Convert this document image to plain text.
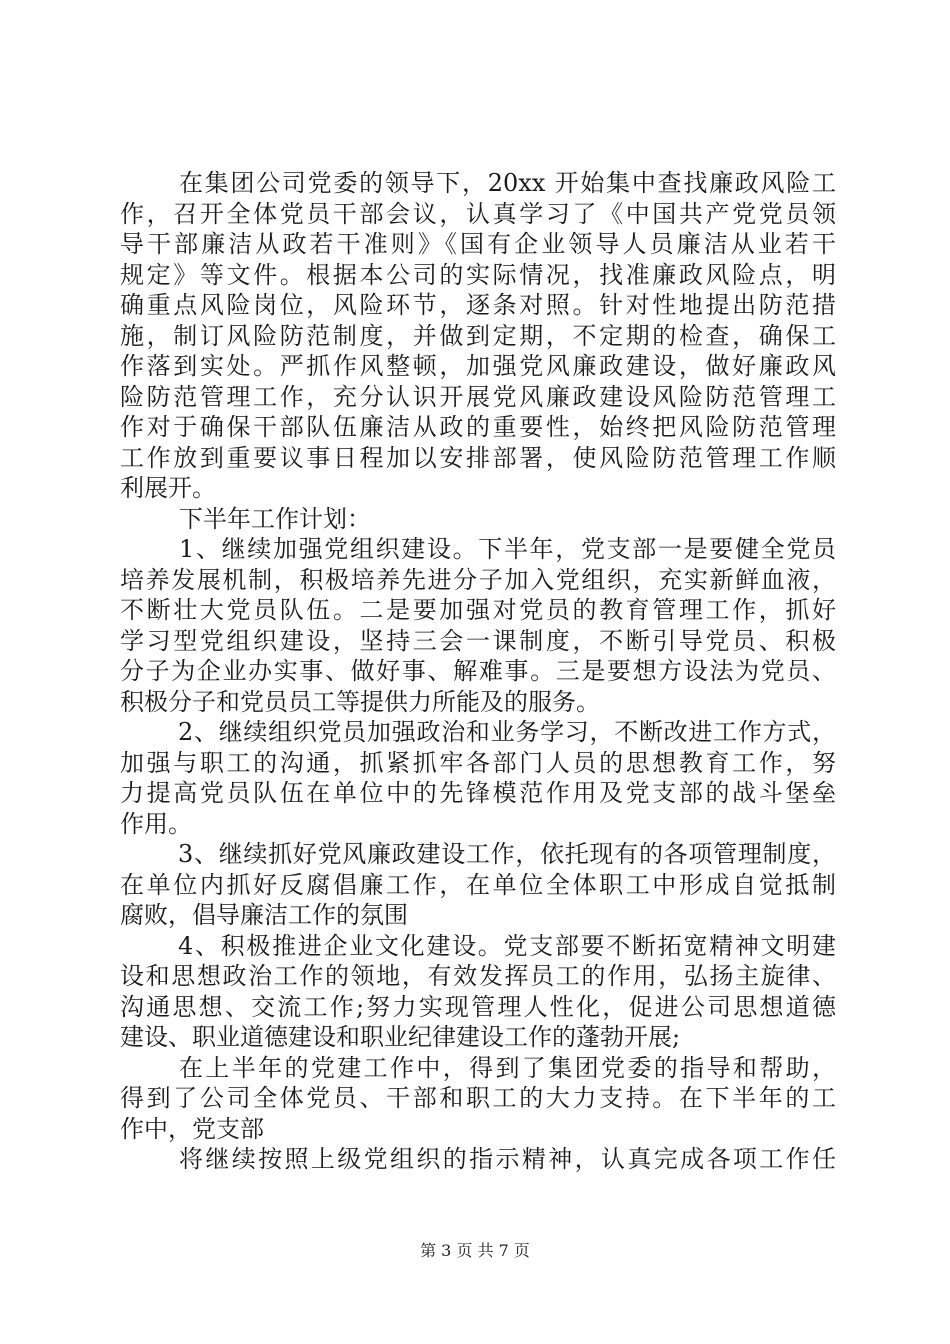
在集团公司党委的领导下，20xx 开始集中查找廉政风险工
作，召开全体党员干部会议，认真学习了《中国共产党党员领
导干部廉洁从政若干准则》《国有企业领导人员廉洁从业若干
规定》等文件。根据本公司的实际情况，找准廉政风险点，明
确重点风险岗位，风险环节，逐条对照。针对性地提出防范措
施，制订风险防范制度，并做到定期，不定期的检查，确保工
作落到实处。严抓作风整顿，加强党风廉政建设，做好廉政风
险防范管理工作，充分认识开展党风廉政建设风险防范管理工
作对于确保干部队伍廉洁从政的重要性，始终把风险防范管理
工作放到重要议事日程加以安排部署，使风险防范管理工作顺
利展开。
下半年工作计划：
1、继续加强党组织建设。下半年，党支部一是要健全党员
培养发展机制，积极培养先进分子加入党组织，充实新鲜血液，
不断壮大党员队伍。二是要加强对党员的教育管理工作，抓好
学习型党组织建设，坚持三会一课制度，不断引导党员、积极
分子为企业办实事、做好事、解难事。三是要想方设法为党员、
积极分子和党员员工等提供力所能及的服务。
2、继续组织党员加强政治和业务学习，不断改进工作方式，
加强与职工的沟通，抓紧抓牢各部门人员的思想教育工作，努
力提高党员队伍在单位中的先锋模范作用及党支部的战斗堡垒
作用。
3、继续抓好党风廉政建设工作，依托现有的各项管理制度，
在单位内抓好反腐倡廉工作，在单位全体职工中形成自觉抵制
腐败，倡导廉洁工作的氛围
4、积极推进企业文化建设。党支部要不断拓宽精神文明建
设和思想政治工作的领地，有效发挥员工的作用，弘扬主旋律、
沟通思想、交流工作;努力实现管理人性化，促进公司思想道德
建设、职业道德建设和职业纪律建设工作的蓬勃开展;
在上半年的党建工作中，得到了集团党委的指导和帮助，
得到了公司全体党员、干部和职工的大力支持。在下半年的工
作中，党支部
将继续按照上级党组织的指示精神，认真完成各项工作任
第 3 页 共 7 页
